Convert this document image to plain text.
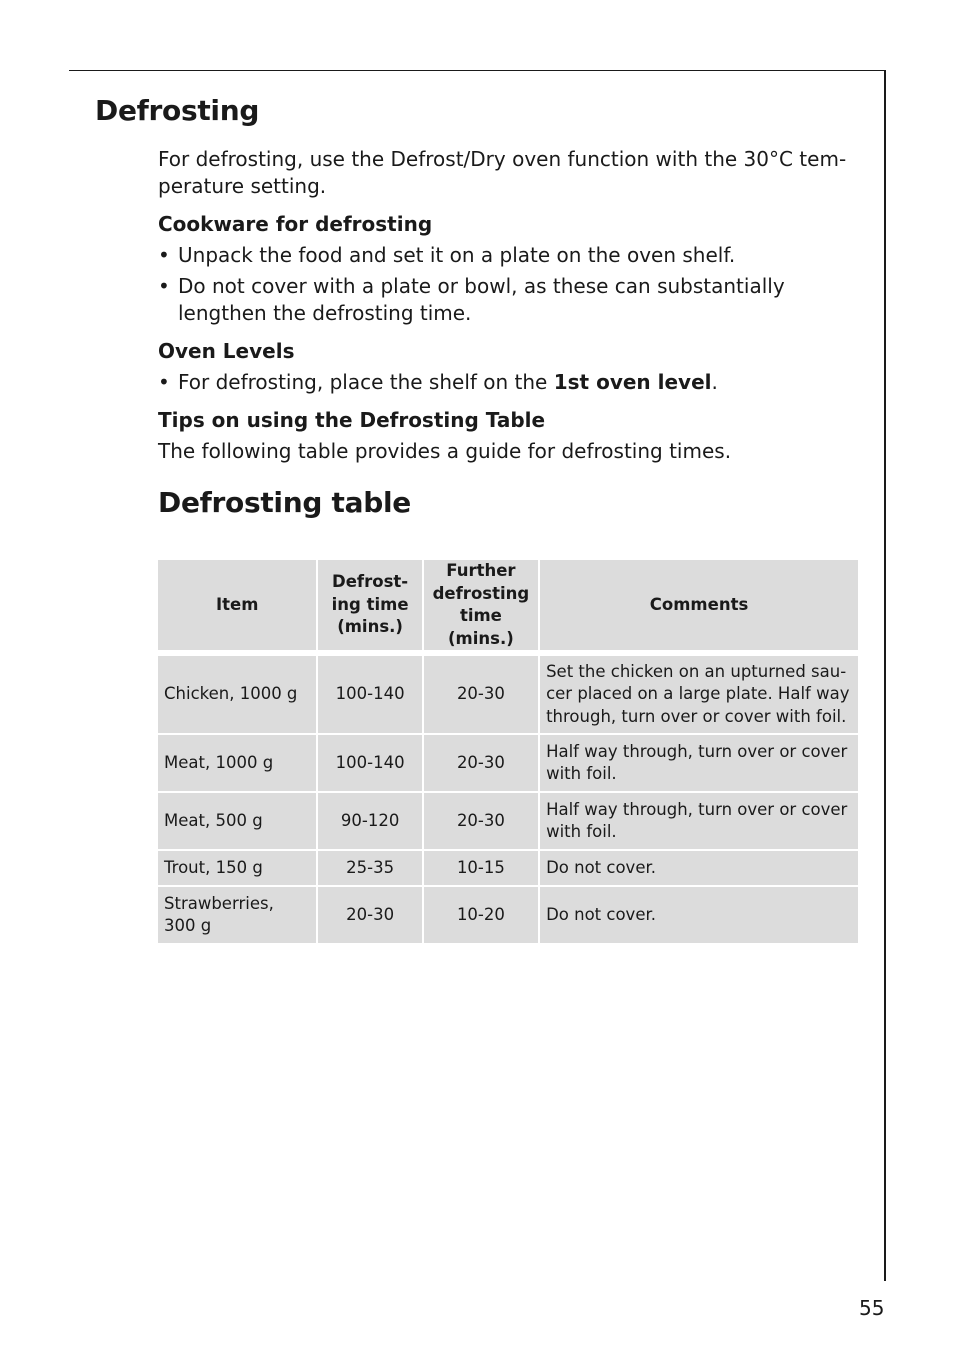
Defrosting

For defrosting, use the Defrost/Dry oven function with the 30°C temperature setting.

Cookware for defrosting

• Unpack the food and set it on a plate on the oven shelf.

• Do not cover with a plate or bowl, as these can substantially lengthen the defrosting time.

Oven Levels

• For defrosting, place the shelf on the 1st oven level.

Tips on using the Defrosting Table

The following table provides a guide for defrosting times.

Defrosting table

Item	Defrosting time (mins.)	Further defrosting time (mins.)	Comments

Chicken, 1000 g	100-140	20-30	Set the chicken on an upturned saucer placed on a large plate. Half way through, turn over or cover with foil.
Meat, 1000 g	100-140	20-30	Half way through, turn over or cover with foil.
Meat, 500 g	90-120	20-30	Half way through, turn over or cover with foil.
Trout, 150 g	25-35	10-15	Do not cover.
Strawberries, 300 g	20-30	10-20	Do not cover.
55
